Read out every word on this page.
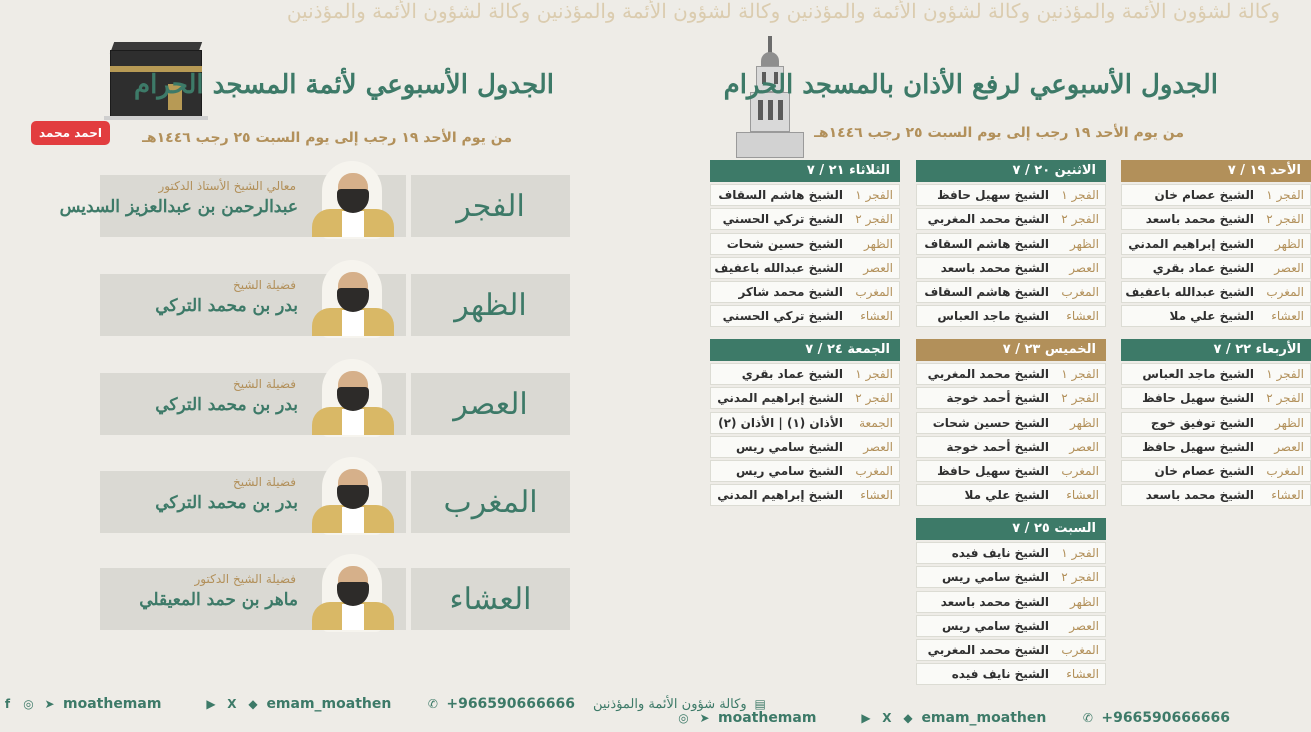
وكالة لشؤون الأئمة والمؤذنين وكالة لشؤون الأئمة والمؤذنين وكالة لشؤون الأئمة والمؤذنين وكالة لشؤون الأئمة والمؤذنين
الجدول الأسبوعي لأئمة المسجد الحرام
من يوم الأحد ١٩ رجب إلى يوم السبت ٢٥ رجب ١٤٤٦هـ
احمد محمد
معالي الشيخ الأستاذ الدكتور
عبدالرحمن بن عبدالعزيز السديس	الفجر
فضيلة الشيخ
بدر بن محمد التركي	الظهر
فضيلة الشيخ
بدر بن محمد التركي	العصر
فضيلة الشيخ
بدر بن محمد التركي	المغرب
فضيلة الشيخ الدكتور
ماهر بن حمد المعيقلي	العشاء
الجدول الأسبوعي لرفع الأذان بالمسجد الحرام
من يوم الأحد ١٩ رجب إلى يوم السبت ٢٥ رجب ١٤٤٦هـ
الأحد ١٩ / ٧
الفجر ١
الشيخ عصام خان
الفجر ٢
الشيخ محمد باسعد
الظهر
الشيخ إبراهيم المدني
العصر
الشيخ عماد بقري
المغرب
الشيخ عبدالله باعفيف
العشاء
الشيخ علي ملا
الاثنين ٢٠ / ٧
الفجر ١
الشيخ سهيل حافظ
الفجر ٢
الشيخ محمد المغربي
الظهر
الشيخ هاشم السقاف
العصر
الشيخ محمد باسعد
المغرب
الشيخ هاشم السقاف
العشاء
الشيخ ماجد العباس
الثلاثاء ٢١ / ٧
الفجر ١
الشيخ هاشم السقاف
الفجر ٢
الشيخ تركي الحسني
الظهر
الشيخ حسين شحات
العصر
الشيخ عبدالله باعفيف
المغرب
الشيخ محمد شاكر
العشاء
الشيخ تركي الحسني
الأربعاء ٢٢ / ٧
الفجر ١
الشيخ ماجد العباس
الفجر ٢
الشيخ سهيل حافظ
الظهر
الشيخ توفيق خوج
العصر
الشيخ سهيل حافظ
المغرب
الشيخ عصام خان
العشاء
الشيخ محمد باسعد
الخميس ٢٣ / ٧
الفجر ١
الشيخ محمد المغربي
الفجر ٢
الشيخ أحمد خوجة
الظهر
الشيخ حسين شحات
العصر
الشيخ أحمد خوجة
المغرب
الشيخ سهيل حافظ
العشاء
الشيخ علي ملا
الجمعة ٢٤ / ٧
الفجر ١
الشيخ عماد بقري
الفجر ٢
الشيخ إبراهيم المدني
الجمعة
الأذان (١) | الأذان (٢)
العصر
الشيخ سامي ريس
المغرب
الشيخ سامي ريس
العشاء
الشيخ إبراهيم المدني
السبت ٢٥ / ٧
الفجر ١
الشيخ نايف فيده
الفجر ٢
الشيخ سامي ريس
الظهر
الشيخ محمد باسعد
العصر
الشيخ سامي ريس
المغرب
الشيخ محمد المغربي
العشاء
الشيخ نايف فيده
f	◎ ➤ moathemam	▶ X ◆ emam_moathen	✆ +966590666666 وكالة شؤون الأئمة والمؤذنين ▤
◎ ➤ moathemam	▶ X ◆ emam_moathen	✆ +966590666666
